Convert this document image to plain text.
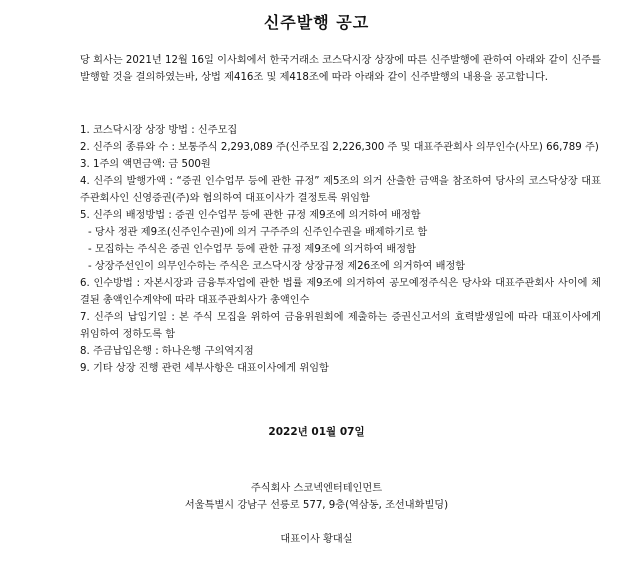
신주발행 공고

당 회사는 2021년 12월 16일 이사회에서 한국거래소 코스닥시장 상장에 따른 신주발행에 관하여 아래와 같이 신주를 발행할 것을 결의하였는바, 상법 제416조 및 제418조에 따라 아래와 같이 신주발행의 내용을 공고합니다.

1. 코스닥시장 상장 방법 : 신주모집
2. 신주의 종류와 수 : 보통주식 2,293,089 주(신주모집 2,226,300 주 및 대표주관회사 의무인수(사모) 66,789 주)
3. 1주의 액면금액: 금 500원
4. 신주의 발행가액 : “증권 인수업무 등에 관한 규정” 제5조의 의거 산출한 금액을 참조하여 당사의 코스닥상장 대표주관회사인 신영증권(주)와 협의하여 대표이사가 결정토록 위임함
5. 신주의 배정방법 : 증권 인수업무 등에 관한 규정 제9조에 의거하여 배정함
- 당사 정관 제9조(신주인수권)에 의거 구주주의 신주인수권을 배제하기로 함
- 모집하는 주식은 증권 인수업무 등에 관한 규정 제9조에 의거하여 배정함
- 상장주선인이 의무인수하는 주식은 코스닥시장 상장규정 제26조에 의거하여 배정함
6. 인수방법 : 자본시장과 금융투자업에 관한 법률 제9조에 의거하여 공모예정주식은 당사와 대표주관회사 사이에 체결된 총액인수계약에 따라 대표주관회사가 총액인수
7. 신주의 납입기일 : 본 주식 모집을 위하여 금융위원회에 제출하는 증권신고서의 효력발생일에 따라 대표이사에게 위임하여 정하도록 함
8. 주금납입은행 : 하나은행 구의역지점
9. 기타 상장 진행 관련 세부사항은 대표이사에게 위임함

2022년 01월 07일

주식회사 스코넥엔터테인먼트
서울특별시 강남구 선릉로 577, 9층(역삼동, 조선내화빌딩)

대표이사 황대실
